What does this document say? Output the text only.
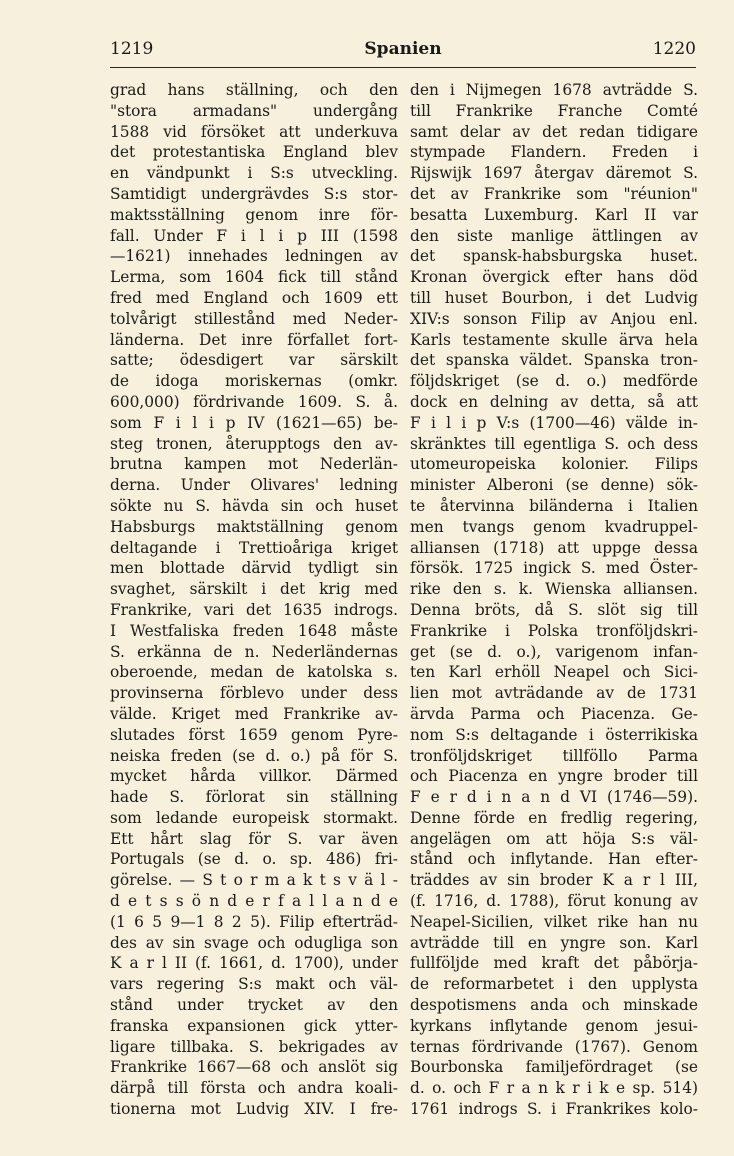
1219	Spanien	1220
grad hans ställning, och den
"stora armadans" undergång
1588 vid försöket att underkuva
det protestantiska England blev
en vändpunkt i S:s utveckling.
Samtidigt undergrävdes S:s stor-
maktsställning genom inre för-
fall. Under F i l i p III (1598
—1621) innehades ledningen av
Lerma, som 1604 fick till stånd
fred med England och 1609 ett
tolvårigt stillestånd med Neder-
länderna. Det inre förfallet fort-
satte; ödesdigert var särskilt
de idoga moriskernas (omkr.
600,000) fördrivande 1609. S. å.
som F i l i p IV (1621—65) be-
steg tronen, återupptogs den av-
brutna kampen mot Nederlän-
derna. Under Olivares' ledning
sökte nu S. hävda sin och huset
Habsburgs maktställning genom
deltagande i Trettioåriga kriget
men blottade därvid tydligt sin
svaghet, särskilt i det krig med
Frankrike, vari det 1635 indrogs.
I Westfaliska freden 1648 måste
S. erkänna de n. Nederländernas
oberoende, medan de katolska s.
provinserna förblevo under dess
välde. Kriget med Frankrike av-
slutades först 1659 genom Pyre-
neiska freden (se d. o.) på för S.
mycket hårda villkor. Därmed
hade S. förlorat sin ställning
som ledande europeisk stormakt.
Ett hårt slag för S. var även
Portugals (se d. o. sp. 486) fri-
görelse. — S t o r m a k t s v ä l -
d e t s s ö n d e r f a l l a n d e
(1 6 5 9—1 8 2 5). Filip efterträd-
des av sin svage och odugliga son
K a r l II (f. 1661, d. 1700), under
vars regering S:s makt och väl-
stånd under trycket av den
franska expansionen gick ytter-
ligare tillbaka. S. bekrigades av
Frankrike 1667—68 och anslöt sig
därpå till första och andra koali-
tionerna mot Ludvig XIV. I fre-
den i Nijmegen 1678 avträdde S.
till Frankrike Franche Comté
samt delar av det redan tidigare
stympade Flandern. Freden i
Rijswijk 1697 återgav däremot S.
det av Frankrike som "réunion"
besatta Luxemburg. Karl II var
den siste manlige ättlingen av
det spansk-habsburgska huset.
Kronan övergick efter hans död
till huset Bourbon, i det Ludvig
XIV:s sonson Filip av Anjou enl.
Karls testamente skulle ärva hela
det spanska väldet. Spanska tron-
följdskriget (se d. o.) medförde
dock en delning av detta, så att
F i l i p V:s (1700—46) välde in-
skränktes till egentliga S. och dess
utomeuropeiska kolonier. Filips
minister Alberoni (se denne) sök-
te återvinna biländerna i Italien
men tvangs genom kvadruppel-
alliansen (1718) att uppge dessa
försök. 1725 ingick S. med Öster-
rike den s. k. Wienska alliansen.
Denna bröts, då S. slöt sig till
Frankrike i Polska tronföljdskri-
get (se d. o.), varigenom infan-
ten Karl erhöll Neapel och Sici-
lien mot avträdande av de 1731
ärvda Parma och Piacenza. Ge-
nom S:s deltagande i österrikiska
tronföljdskriget tillföllo Parma
och Piacenza en yngre broder till
F e r d i n a n d VI (1746—59).
Denne förde en fredlig regering,
angelägen om att höja S:s väl-
stånd och inflytande. Han efter-
träddes av sin broder K a r l III,
(f. 1716, d. 1788), förut konung av
Neapel-Sicilien, vilket rike han nu
avträdde till en yngre son. Karl
fullföljde med kraft det påbörja-
de reformarbetet i den upplysta
despotismens anda och minskade
kyrkans inflytande genom jesui-
ternas fördrivande (1767). Genom
Bourbonska familjefördraget (se
d. o. och F r a n k r i k e sp. 514)
1761 indrogs S. i Frankrikes kolo-
